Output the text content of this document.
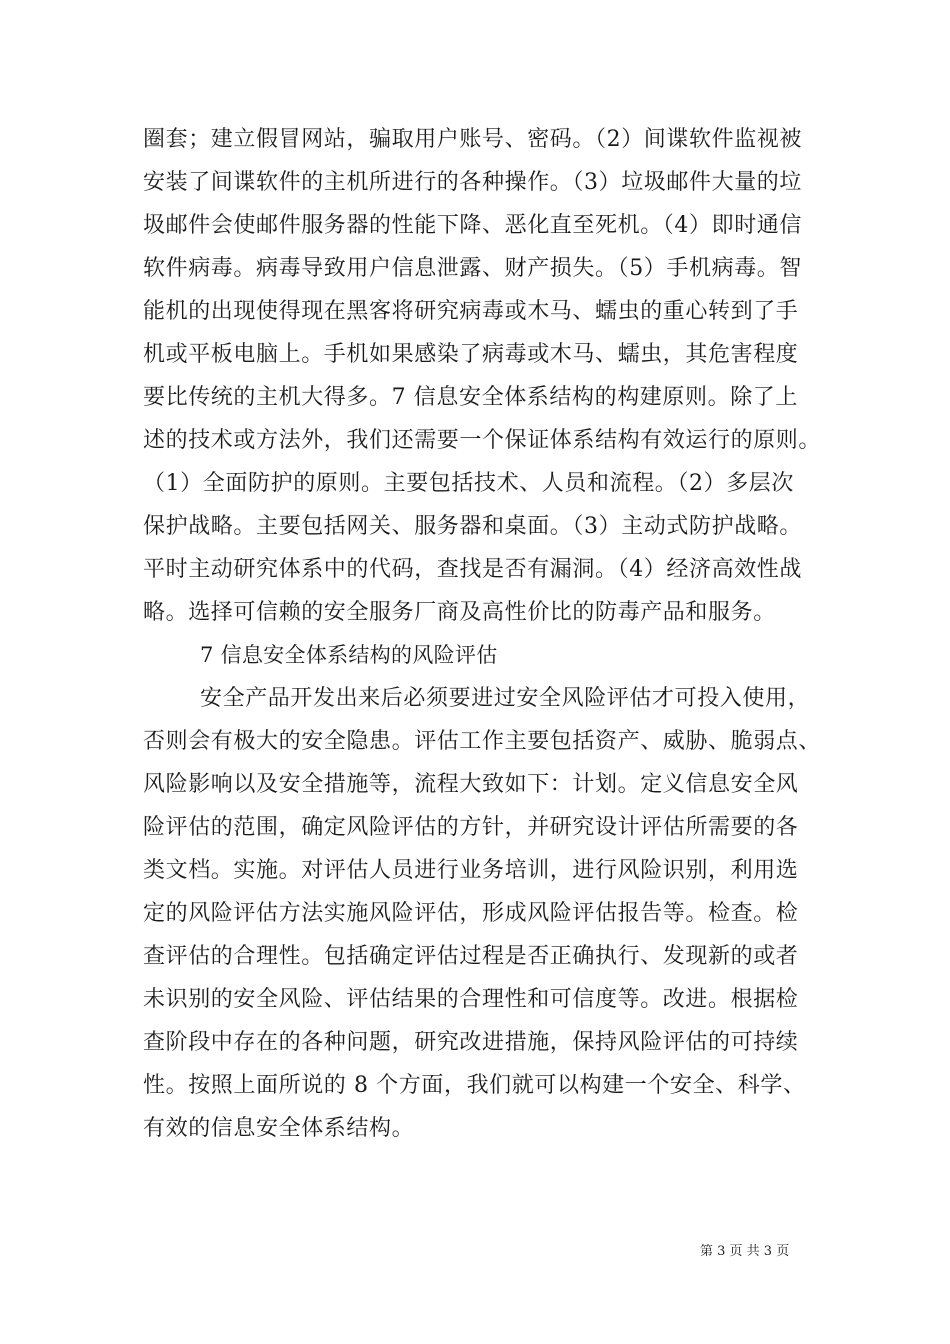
圈套；建立假冒网站，骗取用户账号、密码。（2）间谍软件监视被
安装了间谍软件的主机所进行的各种操作。（3）垃圾邮件大量的垃
圾邮件会使邮件服务器的性能下降、恶化直至死机。（4）即时通信
软件病毒。病毒导致用户信息泄露、财产损失。（5）手机病毒。智
能机的出现使得现在黑客将研究病毒或木马、蠕虫的重心转到了手
机或平板电脑上。手机如果感染了病毒或木马、蠕虫，其危害程度
要比传统的主机大得多。7 信息安全体系结构的构建原则。除了上
述的技术或方法外，我们还需要一个保证体系结构有效运行的原则。
（1）全面防护的原则。主要包括技术、人员和流程。（2）多层次
保护战略。主要包括网关、服务器和桌面。（3）主动式防护战略。
平时主动研究体系中的代码，查找是否有漏洞。（4）经济高效性战
略。选择可信赖的安全服务厂商及高性价比的防毒产品和服务。
7 信息安全体系结构的风险评估
安全产品开发出来后必须要进过安全风险评估才可投入使用，
否则会有极大的安全隐患。评估工作主要包括资产、威胁、脆弱点、
风险影响以及安全措施等，流程大致如下：计划。定义信息安全风
险评估的范围，确定风险评估的方针，并研究设计评估所需要的各
类文档。实施。对评估人员进行业务培训，进行风险识别，利用选
定的风险评估方法实施风险评估，形成风险评估报告等。检查。检
查评估的合理性。包括确定评估过程是否正确执行、发现新的或者
未识别的安全风险、评估结果的合理性和可信度等。改进。根据检
查阶段中存在的各种问题，研究改进措施，保持风险评估的可持续
性。按照上面所说的 8 个方面，我们就可以构建一个安全、科学、
有效的信息安全体系结构。
第 3 页 共 3 页
